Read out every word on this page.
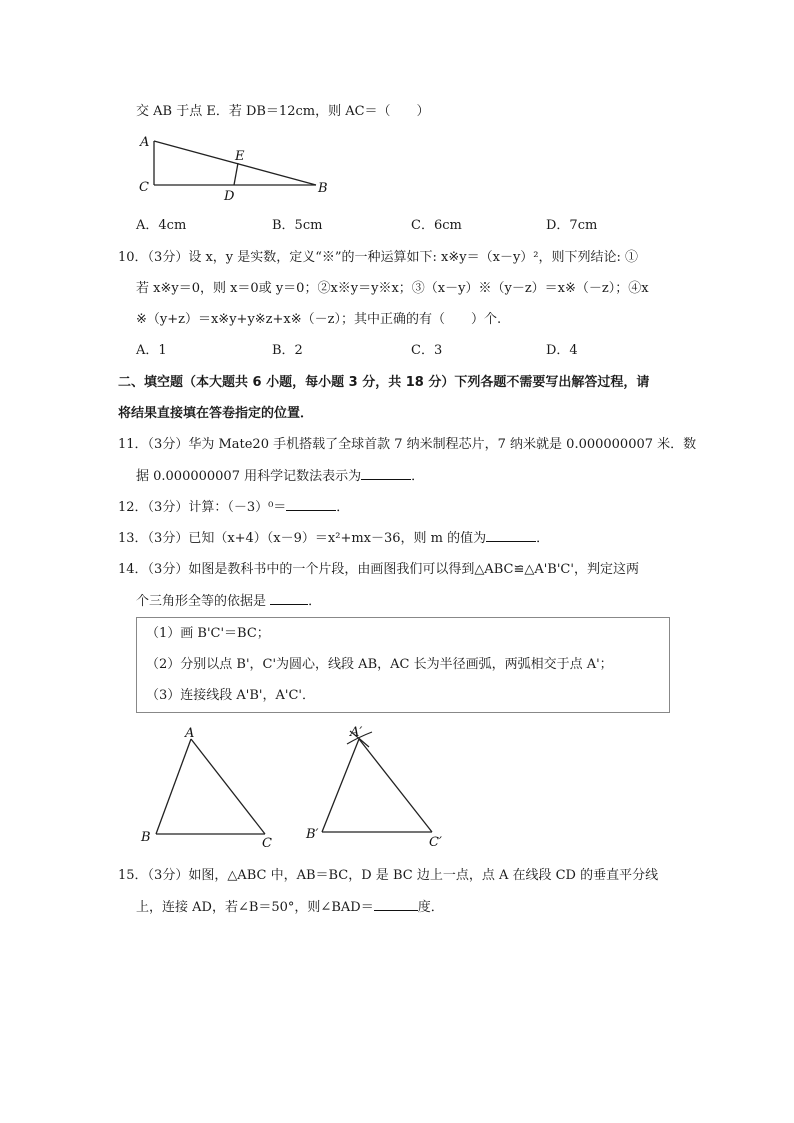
交 AB 于点 E．若 DB＝12cm，则 AC＝（　　）
A
C
E
D
B
A．4cm	B．5cm	C．6cm	D．7cm
10．（3分）设 x，y 是实数，定义“※”的一种运算如下: x※y＝（x－y）²，则下列结论: ①
若 x※y＝0，则 x＝0或 y＝0；②x※y＝y※x；③（x－y）※（y－z）＝x※（－z）；④x
※（y+z）＝x※y+y※z+x※（－z）；其中正确的有（　　）个.
A．1	B．2	C．3	D．4
二、填空题（本大题共 6 小题，每小题 3 分，共 18 分）下列各题不需要写出解答过程，请
将结果直接填在答卷指定的位置．
11．（3分）华为 Mate20 手机搭载了全球首款 7 纳米制程芯片，7 纳米就是 0.000000007 米．数
据 0.000000007 用科学记数法表示为	．
12．（3分）计算：（－3）⁰＝	．
13．（3分）已知（x+4）（x－9）＝x²+mx－36，则 m 的值为	．
14．（3分）如图是教科书中的一个片段，由画图我们可以得到△ABC≌△A'B'C'，判定这两
个三角形全等的依据是	．
（1）画 B'C'＝BC；
（2）分别以点 B'，C'为圆心，线段 AB，AC 长为半径画弧，两弧相交于点 A'；
（3）连接线段 A'B'，A'C'．
A
B	C
A′
B′
C′
15．（3分）如图，△ABC 中，AB＝BC，D 是 BC 边上一点，点 A 在线段 CD 的垂直平分线
上，连接 AD，若∠B＝50°，则∠BAD＝	度．
